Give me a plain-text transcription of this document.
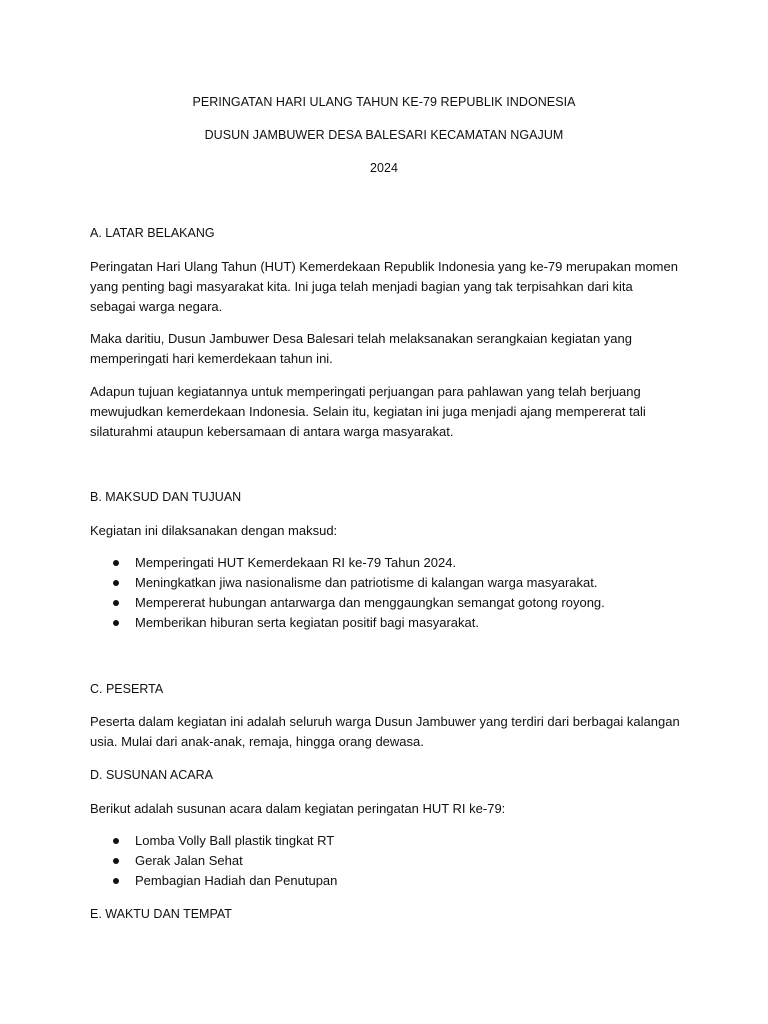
PERINGATAN HARI ULANG TAHUN KE-79 REPUBLIK INDONESIA
DUSUN JAMBUWER DESA BALESARI KECAMATAN NGAJUM
2024
A. LATAR BELAKANG
Peringatan Hari Ulang Tahun (HUT) Kemerdekaan Republik Indonesia yang ke-79 merupakan momen yang penting bagi masyarakat kita. Ini juga telah menjadi bagian yang tak terpisahkan dari kita sebagai warga negara.
Maka daritiu, Dusun Jambuwer Desa Balesari telah melaksanakan serangkaian kegiatan yang memperingati hari kemerdekaan tahun ini.
Adapun tujuan kegiatannya untuk memperingati perjuangan para pahlawan yang telah berjuang mewujudkan kemerdekaan Indonesia. Selain itu, kegiatan ini juga menjadi ajang mempererat tali silaturahmi ataupun kebersamaan di antara warga masyarakat.
B. MAKSUD DAN TUJUAN
Kegiatan ini dilaksanakan dengan maksud:
Memperingati HUT Kemerdekaan RI ke-79 Tahun 2024.
Meningkatkan jiwa nasionalisme dan patriotisme di kalangan warga masyarakat.
Mempererat hubungan antarwarga dan menggaungkan semangat gotong royong.
Memberikan hiburan serta kegiatan positif bagi masyarakat.
C. PESERTA
Peserta dalam kegiatan ini adalah seluruh warga Dusun Jambuwer yang terdiri dari berbagai kalangan usia. Mulai dari anak-anak, remaja, hingga orang dewasa.
D. SUSUNAN ACARA
Berikut adalah susunan acara dalam kegiatan peringatan HUT RI ke-79:
Lomba Volly Ball plastik tingkat RT
Gerak Jalan Sehat
Pembagian Hadiah dan Penutupan
E. WAKTU DAN TEMPAT
